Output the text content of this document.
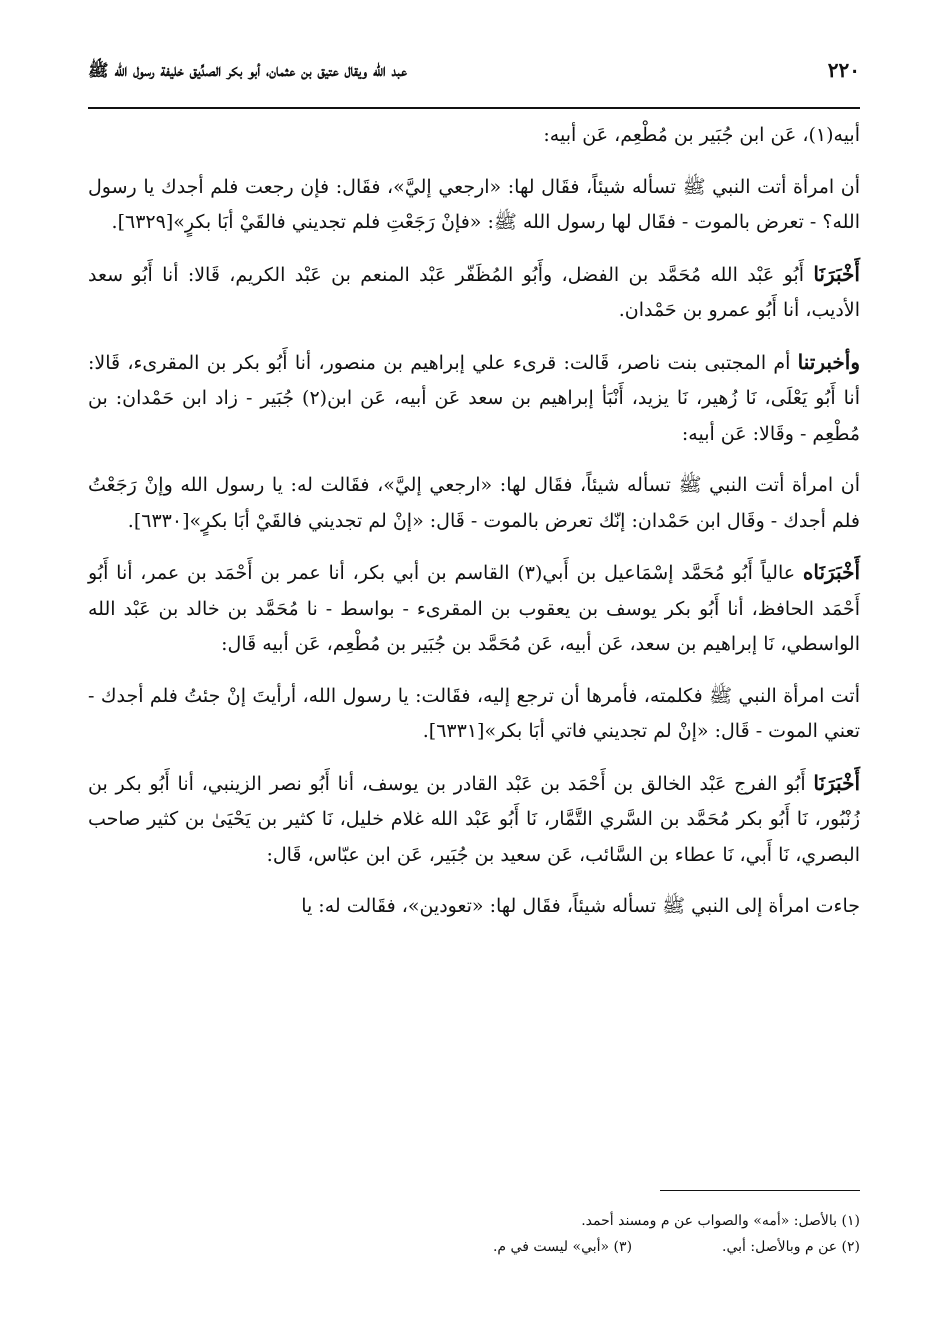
٢٢٠
عبد الله ويقال عتيق بن عثمان، أبو بكر الصدِّيق خليفة رسول الله ﷺ

أبيه(١)، عَن ابن جُبَير بن مُطْعِم، عَن أبيه:

أن امرأة أتت النبي ﷺ تسأله شيئاً، فقَال لها: «ارجعي إليَّ»، فقَال: فإن رجعت فلم أجدك يا رسول الله؟ - تعرض بالموت - فقَال لها رسول الله ﷺ: «فإنْ رَجَعْتِ فلم تجديني فالقَيْ أبَا بكرٍ»[٦٣٢٩].

أَخْبَرَنَا أَبُو عَبْد الله مُحَمَّد بن الفضل، وأَبُو المُظَفّر عَبْد المنعم بن عَبْد الكريم، قَالا: أنا أَبُو سعد الأديب، أنا أَبُو عمرو بن حَمْدان.

وأخبرتنا أم المجتبى بنت ناصر، قَالت: قرىء علي إبراهيم بن منصور، أنا أَبُو بكر بن المقرىء، قَالا: أنا أَبُو يَعْلَى، نَا زُهير، نَا يزيد، أَنْبَأ إبراهيم بن سعد عَن أبيه، عَن ابن(٢) جُبَير - زاد ابن حَمْدان: بن مُطْعِم - وقَالا: عَن أبيه:

أن امرأة أتت النبي ﷺ تسأله شيئاً، فقَال لها: «ارجعي إليَّ»، فقَالت له: يا رسول الله وإنْ رَجَعْتُ فلم أجدك - وقَال ابن حَمْدان: إنّك تعرض بالموت - قَال: «إنْ لم تجديني فالقَيْ أبَا بكرٍ»[٦٣٣٠].

أَخْبَرَنَاه عالياً أَبُو مُحَمَّد إسْمَاعيل بن أَبي(٣) القاسم بن أبي بكر، أنا عمر بن أَحْمَد بن عمر، أنا أَبُو أَحْمَد الحافظ، أنا أَبُو بكر يوسف بن يعقوب بن المقرىء - بواسط - نا مُحَمَّد بن خالد بن عَبْد الله الواسطي، نَا إبراهيم بن سعد، عَن أبيه، عَن مُحَمَّد بن جُبَير بن مُطْعِم، عَن أبيه قَال:

أتت امرأة النبي ﷺ فكلمته، فأمرها أن ترجع إليه، فقَالت: يا رسول الله، أرأيتَ إنْ جئتُ فلم أجدك - تعني الموت - قَال: «إنْ لم تجديني فاتي أبَا بكر»[٦٣٣١].

أَخْبَرَنَا أَبُو الفرج عَبْد الخالق بن أَحْمَد بن عَبْد القادر بن يوسف، أنا أَبُو نصر الزينبي، أنا أَبُو بكر بن زُنْبُور، نَا أَبُو بكر مُحَمَّد بن السَّري التَّمَّار، نَا أَبُو عَبْد الله غلام خليل، نَا كثير بن يَحْيَىٰ بن كثير صاحب البصري، نَا أَبي، نَا عطاء بن السَّائب، عَن سعيد بن جُبَير، عَن ابن عبّاس، قَال:

جاءت امرأة إلى النبي ﷺ تسأله شيئاً، فقَال لها: «تعودين»، فقَالت له: يا

(١) بالأصل: «أمه» والصواب عن م ومسند أحمد.

(٢) عن م وبالأصل: أبي.

(٣) «أبي» ليست في م.
